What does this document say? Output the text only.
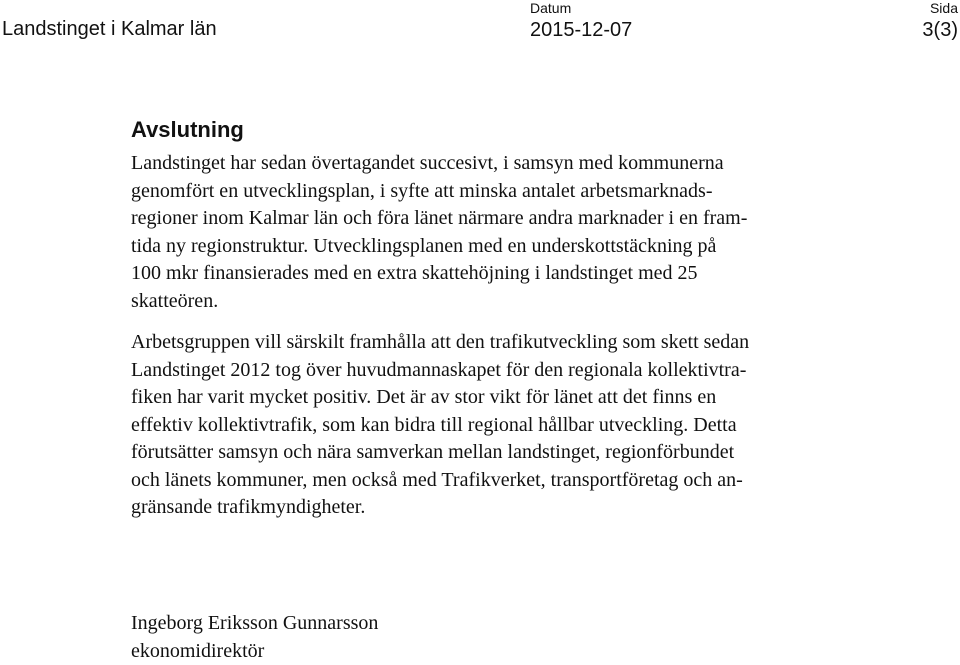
Landstinget i Kalmar län
Datum
2015-12-07
Sida
3(3)
Avslutning

Landstinget har sedan övertagandet succesivt, i samsyn med kommunerna
genomfört en utvecklingsplan, i syfte att minska antalet arbetsmarknads-
regioner inom Kalmar län och föra länet närmare andra marknader i en fram-
tida ny regionstruktur. Utvecklingsplanen med en underskottstäckning på
100 mkr finansierades med en extra skattehöjning i landstinget med 25
skatteören.

Arbetsgruppen vill särskilt framhålla att den trafikutveckling som skett sedan
Landstinget 2012 tog över huvudmannaskapet för den regionala kollektivtra-
fiken har varit mycket positiv. Det är av stor vikt för länet att det finns en
effektiv kollektivtrafik, som kan bidra till regional hållbar utveckling. Detta
förutsätter samsyn och nära samverkan mellan landstinget, regionförbundet
och länets kommuner, men också med Trafikverket, transportföretag och an-
gränsande trafikmyndigheter.

Ingeborg Eriksson Gunnarsson
ekonomidirektör
